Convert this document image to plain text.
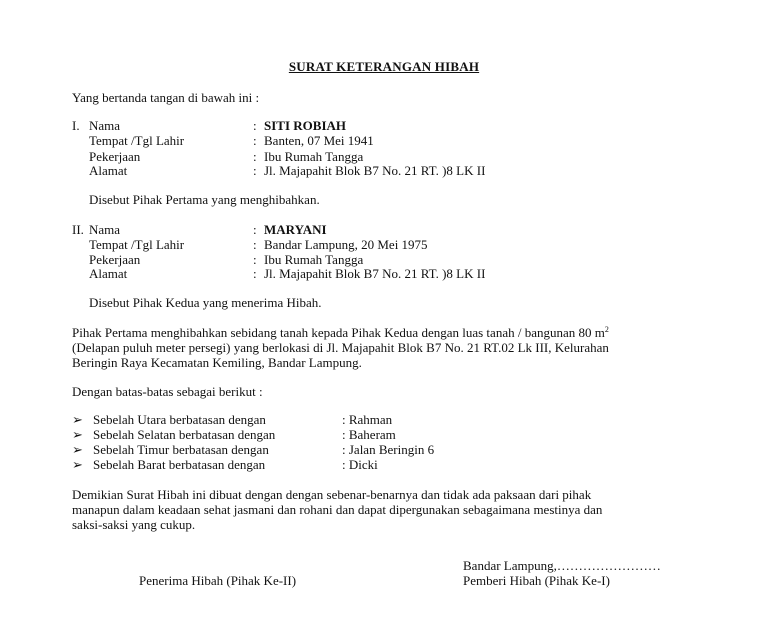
SURAT KETERANGAN HIBAH
Yang bertanda tangan di bawah ini :
I. Nama	: SITI ROBIAH
Tempat /Tgl Lahir	: Banten, 07 Mei 1941
Pekerjaan	: Ibu Rumah Tangga
Alamat	: Jl. Majapahit Blok B7 No. 21 RT. )8 LK II
Disebut Pihak Pertama yang menghibahkan.
II. Nama	: MARYANI
Tempat /Tgl Lahir	: Bandar Lampung, 20 Mei 1975
Pekerjaan	: Ibu Rumah Tangga
Alamat	: Jl. Majapahit Blok B7 No. 21 RT. )8 LK II
Disebut Pihak Kedua yang menerima Hibah.
Pihak Pertama menghibahkan sebidang tanah kepada Pihak Kedua dengan luas tanah / bangunan 80 $m^2$
(Delapan puluh meter persegi) yang berlokasi di Jl. Majapahit Blok B7 No. 21 RT.02 Lk III, Kelurahan
Beringin Raya Kecamatan Kemiling, Bandar Lampung.
Dengan batas-batas sebagai berikut :
➢ Sebelah Utara berbatasan dengan	: Rahman
➢ Sebelah Selatan berbatasan dengan	: Baheram
➢ Sebelah Timur berbatasan dengan	: Jalan Beringin 6
➢ Sebelah Barat berbatasan dengan	: Dicki
Demikian Surat Hibah ini dibuat dengan dengan sebenar-benarnya dan tidak ada paksaan dari pihak
manapun dalam keadaan sehat jasmani dan rohani dan dapat dipergunakan sebagaimana mestinya dan
saksi-saksi yang cukup.
Bandar Lampung,……………………
Penerima Hibah (Pihak Ke-II)	Pemberi Hibah (Pihak Ke-I)
